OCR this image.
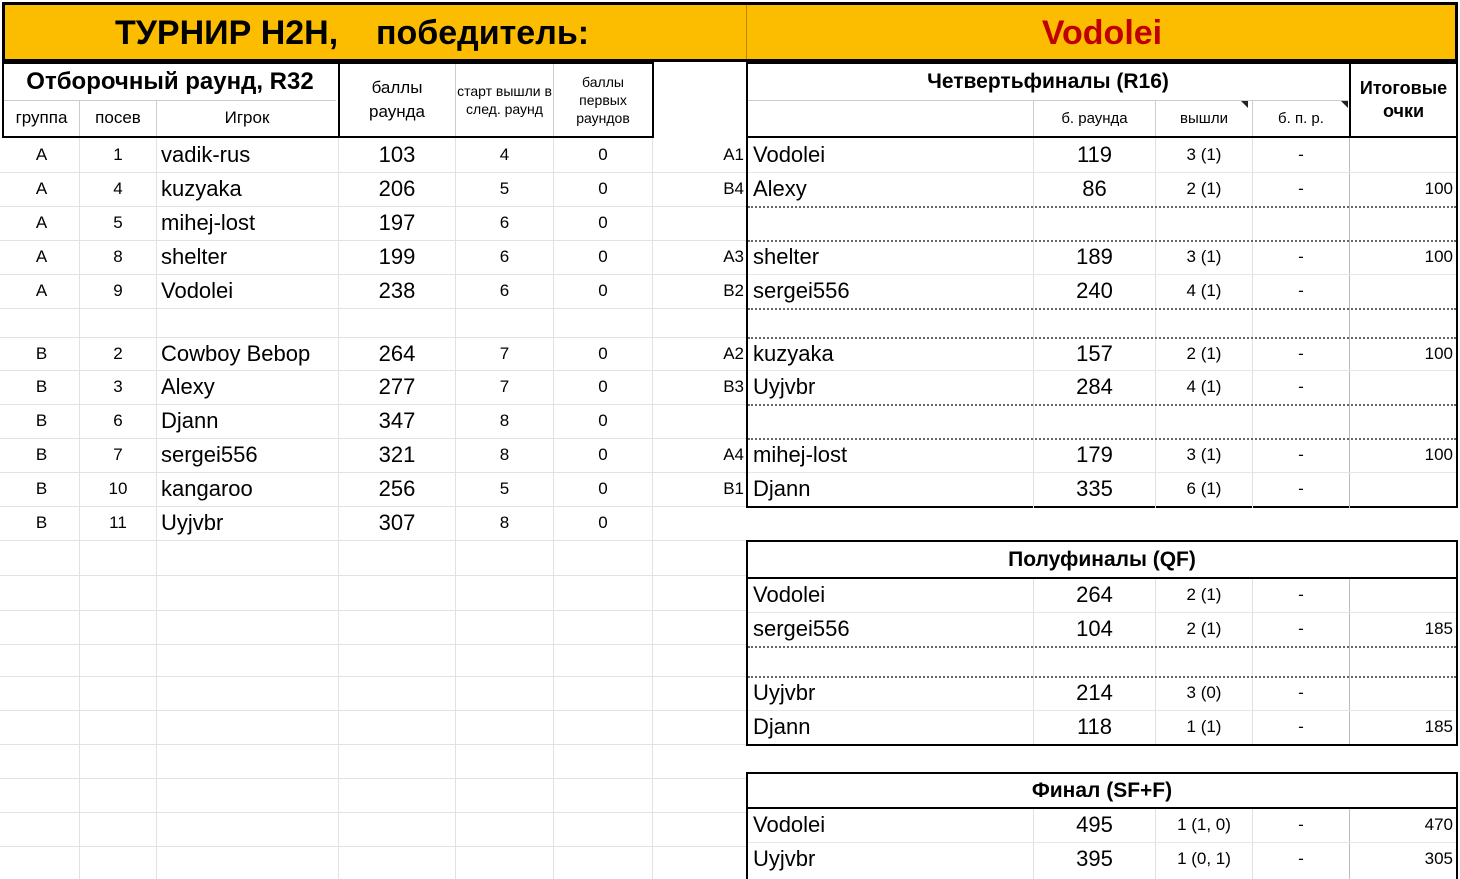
ТУРНИР H2H,    победитель:	Vodolei
Отборочный раунд, R32
группа	посев	Игрок
баллы раунда
старт вышли в след. раунд
баллы первых раундов
A	1	vadik-rus	103	4	0
A	4	kuzyaka	206	5	0
A	5	mihej-lost	197	6	0
A	8	shelter	199	6	0
A	9	Vodolei	238	6	0
B	2	Cowboy Bebop	264	7	0
B	3	Alexy	277	7	0
B	6	Djann	347	8	0
B	7	sergei556	321	8	0
B	10	kangaroo	256	5	0
B	11	Uyjvbr	307	8	0
Четвертьфиналы (R16)
б. раунда	вышли	б. п. р.
Итоговые очки
A1 Vodolei	119	3 (1)	-
B4 Alexy	86	2 (1)	-	100
A3 shelter	189	3 (1)	-	100
B2 sergei556	240	4 (1)	-
A2 kuzyaka	157	2 (1)	-	100
B3 Uyjvbr	284	4 (1)	-
A4 mihej-lost	179	3 (1)	-	100
B1 Djann	335	6 (1)	-
Полуфиналы (QF)
Vodolei	264	2 (1)	-
sergei556	104	2 (1)	-	185
Uyjvbr	214	3 (0)	-
Djann	118	1 (1)	-	185
Финал (SF+F)
Vodolei	495	1 (1, 0)	-	470
Uyjvbr	395	1 (0, 1)	-	305
